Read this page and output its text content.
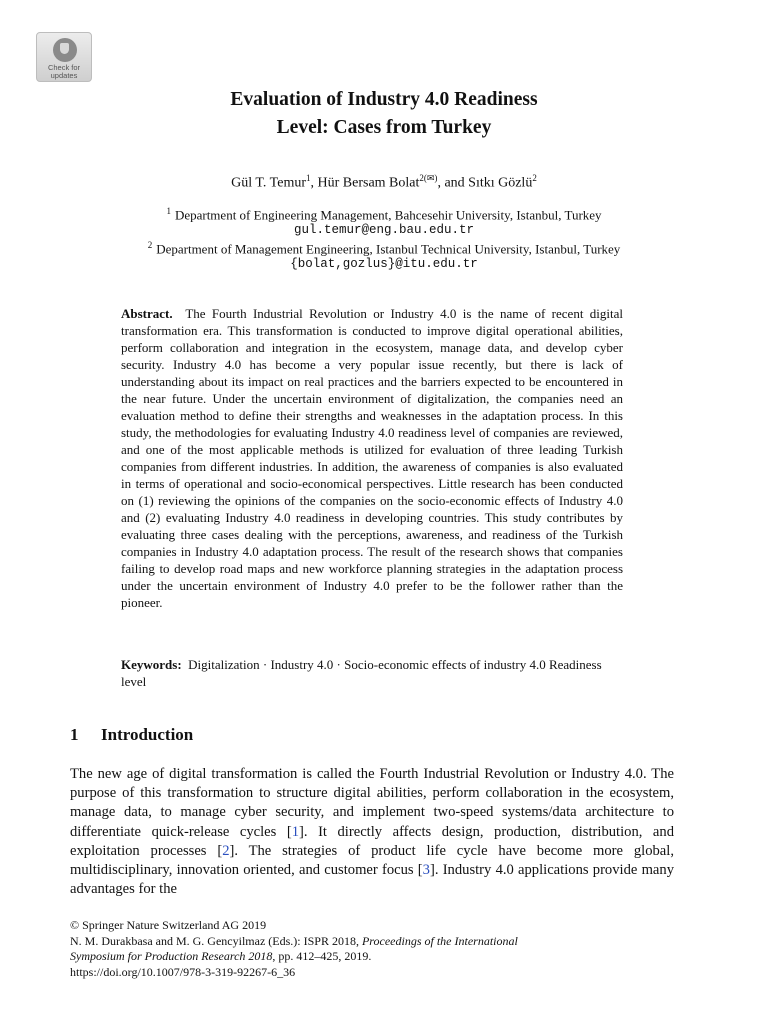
Check for
updates
Evaluation of Industry 4.0 Readiness
Level: Cases from Turkey
Gül T. Temur$^1$, Hür Bersam Bolat$^{2(✉)}$, and Sıtkı Gözlü$^2$
$^1$ Department of Engineering Management, Bahcesehir University, Istanbul, Turkey
gul.temur@eng.bau.edu.tr
$^2$ Department of Management Engineering, Istanbul Technical University, Istanbul, Turkey
{bolat,gozlus}@itu.edu.tr

Abstract. The Fourth Industrial Revolution or Industry 4.0 is the name of recent digital transformation era. This transformation is conducted to improve digital operational abilities, perform collaboration and integration in the ecosystem, manage data, and develop cyber security. Industry 4.0 has become a very popular issue recently, but there is lack of understanding about its impact on real practices and the barriers expected to be encountered in the near future. Under the uncertain environment of digitalization, the companies need an evaluation method to define their strengths and weaknesses in the adaptation process. In this study, the methodologies for evaluating Industry 4.0 readiness level of companies are reviewed, and one of the most applicable methods is utilized for evaluation of three leading Turkish companies from different industries. In addition, the awareness of companies is also evaluated in terms of operational and socio-economical perspectives. Little research has been conducted on (1) reviewing the opinions of the companies on the socio-economic effects of Industry 4.0 and (2) evaluating Industry 4.0 readiness in developing countries. This study contributes by evaluating three cases dealing with the perceptions, awareness, and readiness of the Turkish companies in Industry 4.0 adaptation process. The result of the research shows that companies failing to develop road maps and new workforce planning strategies in the adaptation process under the uncertain environment of Industry 4.0 prefer to be the follower rather than the pioneer.

Keywords: Digitalization · Industry 4.0 · Socio-economic effects of industry 4.0 Readiness level

1 Introduction

The new age of digital transformation is called the Fourth Industrial Revolution or Industry 4.0. The purpose of this transformation to structure digital abilities, perform collaboration in the ecosystem, manage data, to manage cyber security, and implement two-speed systems/data architecture to differentiate quick-release cycles [1]. It directly affects design, production, distribution, and exploitation processes [2]. The strategies of product life cycle have become more global, multidisciplinary, innovation oriented, and customer focus [3]. Industry 4.0 applications provide many advantages for the

© Springer Nature Switzerland AG 2019
N. M. Durakbasa and M. G. Gencyilmaz (Eds.): ISPR 2018, Proceedings of the International
Symposium for Production Research 2018, pp. 412–425, 2019.
https://doi.org/10.1007/978-3-319-92267-6_36
